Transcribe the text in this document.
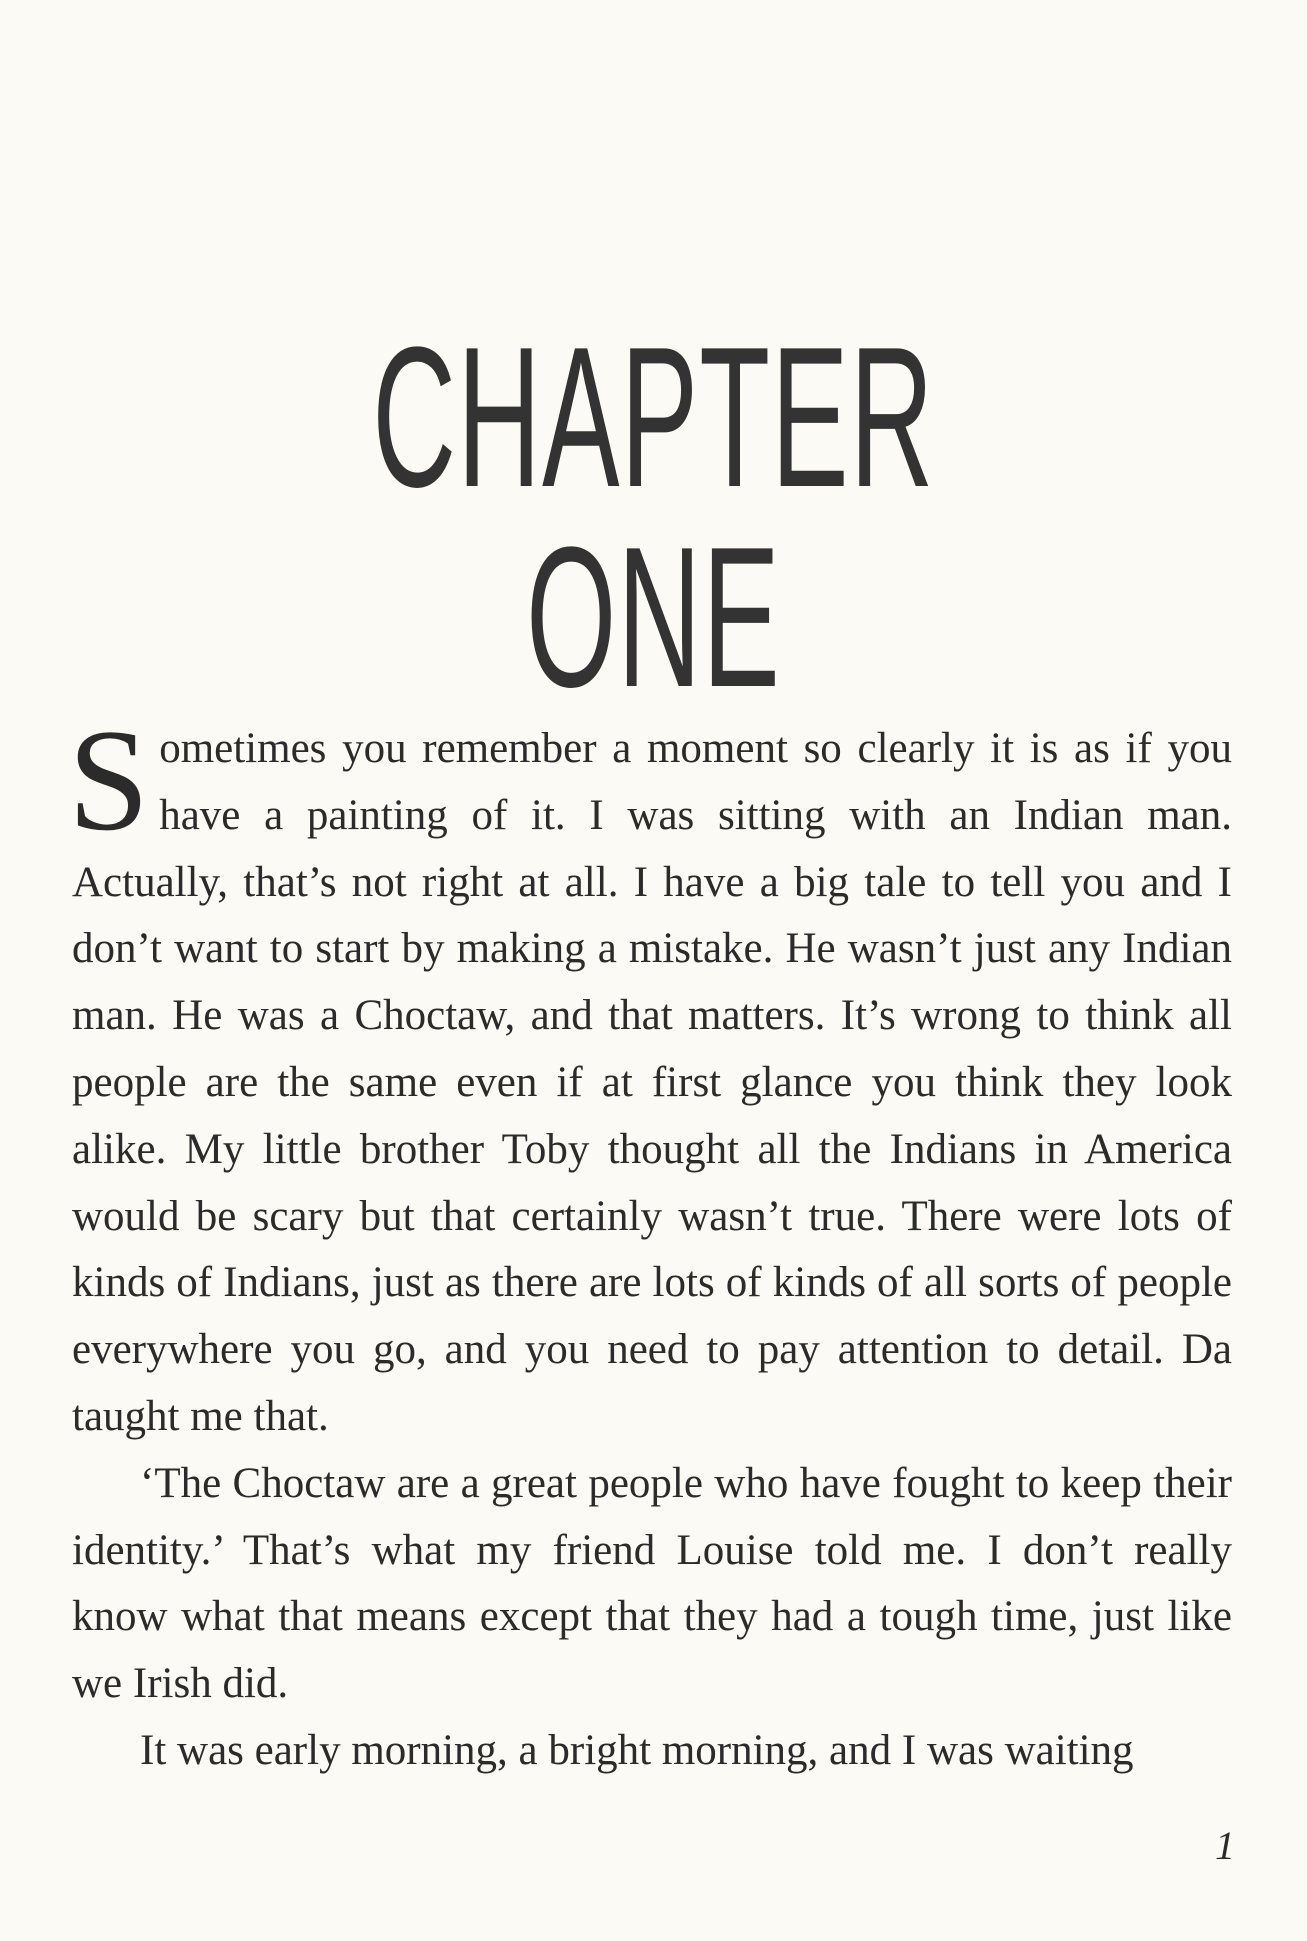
CHAPTER ONE

Sometimes you remember a moment so clearly it is as if you have a painting of it. I was sitting with an Indian man. Actually, that’s not right at all. I have a big tale to tell you and I don’t want to start by making a mistake. He wasn’t just any Indian man. He was a Choctaw, and that matters. It’s wrong to think all people are the same even if at first glance you think they look alike. My little brother Toby thought all the Indians in America would be scary but that certainly wasn’t true. There were lots of kinds of Indians, just as there are lots of kinds of all sorts of people everywhere you go, and you need to pay attention to detail. Da taught me that.

‘The Choctaw are a great people who have fought to keep their identity.’ That’s what my friend Louise told me. I don’t really know what that means except that they had a tough time, just like we Irish did.

It was early morning, a bright morning, and I was waiting

1
